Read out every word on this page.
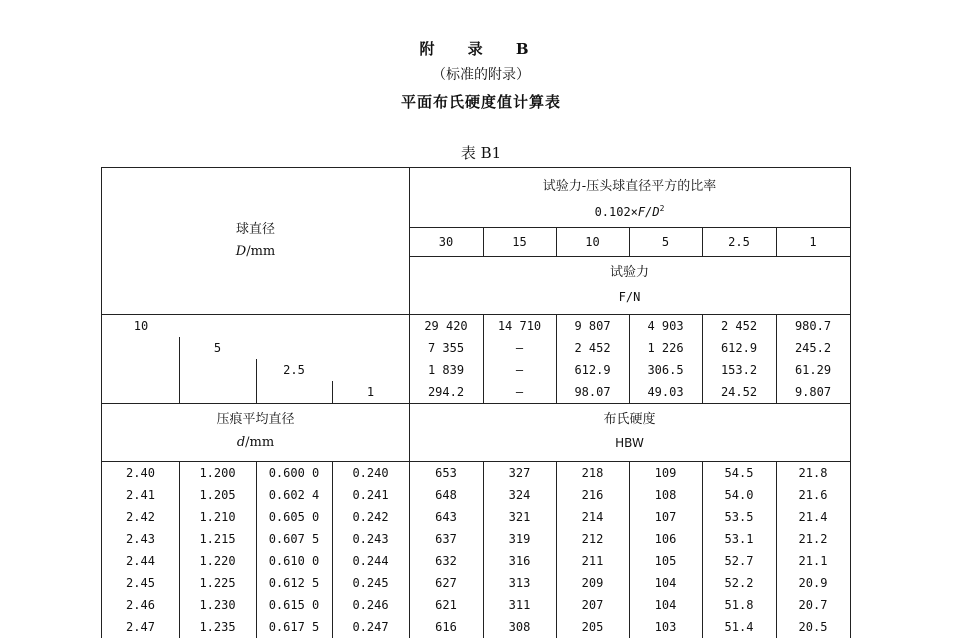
附 录 B
（标准的附录）
平面布氏硬度值计算表
表 B1
球直径
D/mm
试验力-压头球直径平方的比率
$0.102\times F/D^2$
30	15	10	5	2.5	1
试验力
F/N
10	29 420	14 710	9 807	4 903	2 452	980.7
5	7 355	—	2 452	1 226	612.9	245.2
2.5	1 839	—	612.9	306.5	153.2	61.29
1	294.2	—	98.07	49.03	24.52	9.807
压痕平均直径
d/mm
布氏硬度
HBW
2.40	1.200	0.600 0	0.240	653	327	218	109	54.5	21.8
2.41	1.205	0.602 4	0.241	648	324	216	108	54.0	21.6
2.42	1.210	0.605 0	0.242	643	321	214	107	53.5	21.4
2.43	1.215	0.607 5	0.243	637	319	212	106	53.1	21.2
2.44	1.220	0.610 0	0.244	632	316	211	105	52.7	21.1
2.45	1.225	0.612 5	0.245	627	313	209	104	52.2	20.9
2.46	1.230	0.615 0	0.246	621	311	207	104	51.8	20.7
2.47	1.235	0.617 5	0.247	616	308	205	103	51.4	20.5
